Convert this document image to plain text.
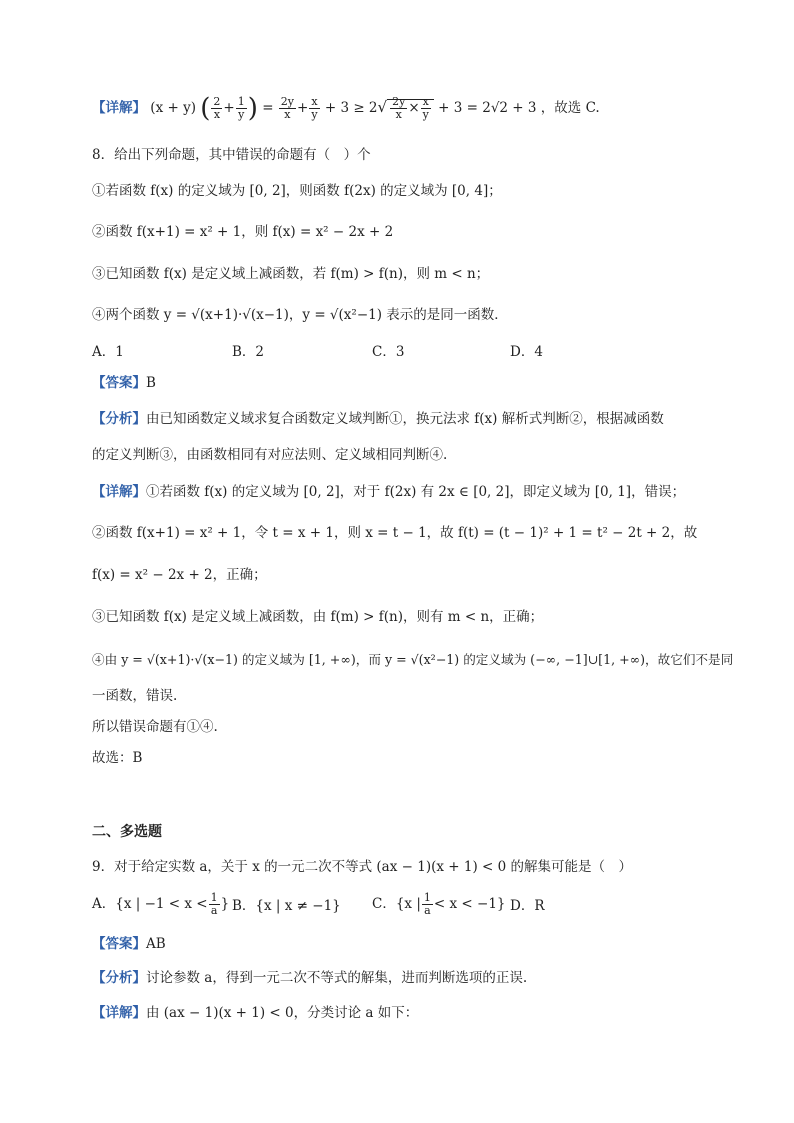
【详解】 (x + y) ( $\frac{2}{x} + \frac{1}{y}$ ) = $\frac{2y}{x} + \frac{x}{y} + 3 \ge 2√ \frac{2y}{x} \times \frac{x}{y} + 3 = 2√2 + 3$ ，故选 C.
8．给出下列命题，其中错误的命题有（　）个
①若函数 f(x) 的定义域为 [0, 2]，则函数 f(2x) 的定义域为 [0, 4]；
②函数 f(x+1) = x² + 1，则 f(x) = x² − 2x + 2
③已知函数 f(x) 是定义域上减函数，若 f(m) > f(n)，则 m < n；
④两个函数 y = √(x+1)·√(x−1)，y = √(x²−1) 表示的是同一函数．
A．1	B．2	C．3	D．4
【答案】B
【分析】由已知函数定义域求复合函数定义域判断①，换元法求 f(x) 解析式判断②，根据减函数
的定义判断③，由函数相同有对应法则、定义域相同判断④.
【详解】①若函数 f(x) 的定义域为 [0, 2]，对于 f(2x) 有 2x ∈ [0, 2]，即定义域为 [0, 1]，错误；
②函数 f(x+1) = x² + 1，令 t = x + 1，则 x = t − 1，故 f(t) = (t − 1)² + 1 = t² − 2t + 2，故
f(x) = x² − 2x + 2，正确；
③已知函数 f(x) 是定义域上减函数，由 f(m) > f(n)，则有 m < n，正确；
④由 y = √(x+1)·√(x−1) 的定义域为 [1, +∞)，而 y = √(x²−1) 的定义域为 (−∞, −1]∪[1, +∞)，故它们不是同
一函数，错误.
所以错误命题有①④.
故选：B
二、多选题
9．对于给定实数 a，关于 x 的一元二次不等式 (ax − 1)(x + 1) < 0 的解集可能是（　）
A．{x | $-1 < x < \frac{1}{a}$ } B．{x | x ≠ −1} C．{x | $\frac{1}{a} < x < -1$} D．R
【答案】AB
【分析】讨论参数 a，得到一元二次不等式的解集，进而判断选项的正误.
【详解】由 (ax − 1)(x + 1) < 0，分类讨论 a 如下：
